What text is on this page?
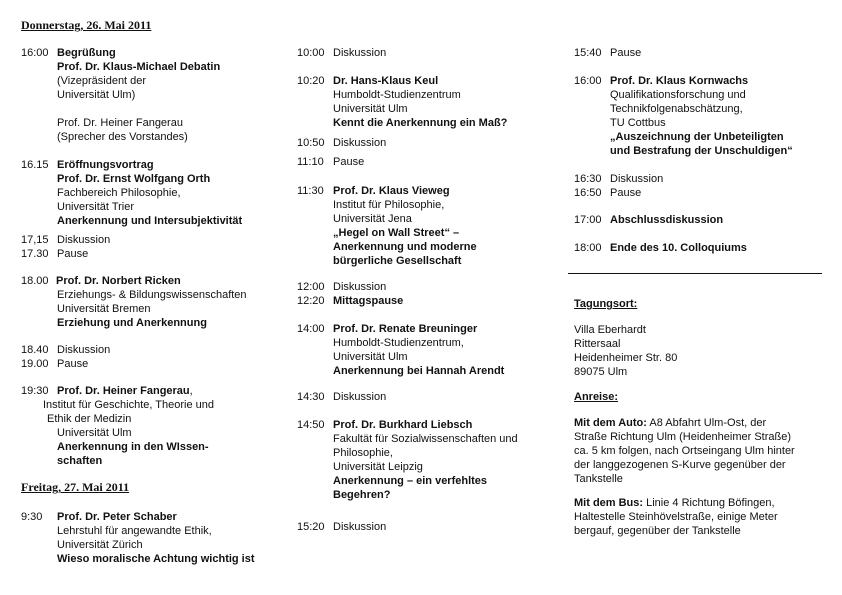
Donnerstag, 26. Mai 2011
Freitag, 27. Mai 2011
16:00 Begrüßung
Prof. Dr. Klaus-Michael Debatin
(Vizepräsident der
Universität Ulm)
Prof. Dr. Heiner Fangerau
(Sprecher des Vorstandes)
16.15 Eröffnungsvortrag
Prof. Dr. Ernst Wolfgang Orth
Fachbereich Philosophie,
Universität Trier
Anerkennung und Intersubjektivität
17,15 Diskussion
17.30 Pause
18.00 Prof. Dr. Norbert Ricken
Erziehungs- & Bildungswissenschaften
Universität Bremen
Erziehung und Anerkennung
18.40 Diskussion
19.00 Pause
19:30 Prof. Dr. Heiner Fangerau,
Institut für Geschichte, Theorie und
Ethik der Medizin
Universität Ulm
Anerkennung in den WIssen-
schaften
9:30 Prof. Dr. Peter Schaber
Lehrstuhl für angewandte Ethik,
Universität Zürich
Wieso moralische Achtung wichtig ist
10:00 Diskussion
10:20 Dr. Hans-Klaus Keul
Humboldt-Studienzentrum
Universität Ulm
Kennt die Anerkennung ein Maß?
10:50 Diskussion
11:10 Pause
11:30 Prof. Dr. Klaus Vieweg
Institut für Philosophie,
Universität Jena
„Hegel on Wall Street“ –
Anerkennung und moderne
bürgerliche Gesellschaft
12:00 Diskussion
12:20 Mittagspause
14:00 Prof. Dr. Renate Breuninger
Humboldt-Studienzentrum,
Universität Ulm
Anerkennung bei Hannah Arendt
14:30 Diskussion
14:50 Prof. Dr. Burkhard Liebsch
Fakultät für Sozialwissenschaften und
Philosophie,
Universität Leipzig
Anerkennung – ein verfehltes
Begehren?
15:20 Diskussion
15:40 Pause
16:00 Prof. Dr. Klaus Kornwachs
Qualifikationsforschung und
Technikfolgenabschätzung,
TU Cottbus
„Auszeichnung der Unbeteiligten
und Bestrafung der Unschuldigen“
16:30 Diskussion
16:50 Pause
17:00 Abschlussdiskussion
18:00 Ende des 10. Colloquiums
Tagungsort:
Villa Eberhardt
Rittersaal
Heidenheimer Str. 80
89075 Ulm
Anreise:
Mit dem Auto: A8 Abfahrt Ulm-Ost, der
Straße Richtung Ulm (Heidenheimer Straße)
ca. 5 km folgen, nach Ortseingang Ulm hinter
der langgezogenen S-Kurve gegenüber der
Tankstelle
Mit dem Bus: Linie 4 Richtung Böfingen,
Haltestelle Steinhövelstraße, einige Meter
bergauf, gegenüber der Tankstelle
